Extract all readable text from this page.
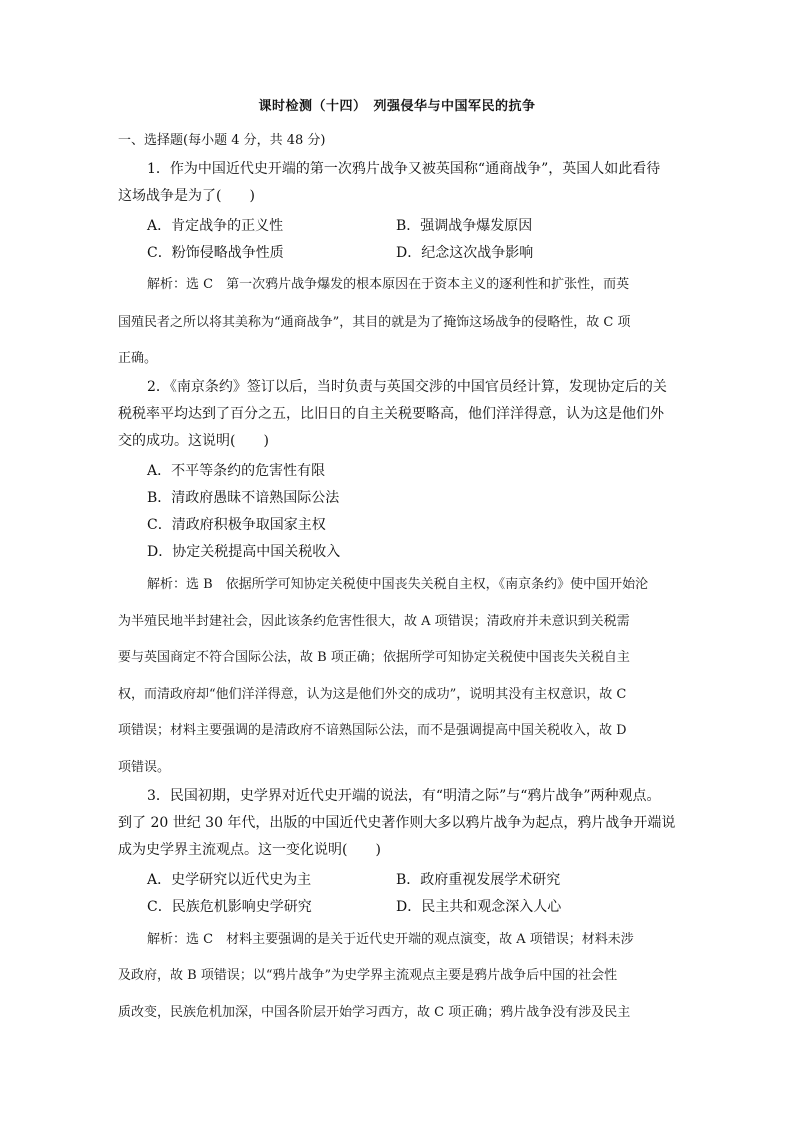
课时检测（十四）　列强侵华与中国军民的抗争
一、选择题(每小题 4 分，共 48 分)
1．作为中国近代史开端的第一次鸦片战争又被英国称“通商战争”，英国人如此看待
这场战争是为了(　　)
A．肯定战争的正义性	B．强调战争爆发原因
C．粉饰侵略战争性质	D．纪念这次战争影响
解析：选 C　第一次鸦片战争爆发的根本原因在于资本主义的逐利性和扩张性，而英
国殖民者之所以将其美称为“通商战争”，其目的就是为了掩饰这场战争的侵略性，故 C 项
正确。
2．《南京条约》签订以后，当时负责与英国交涉的中国官员经计算，发现协定后的关
税税率平均达到了百分之五，比旧日的自主关税要略高，他们洋洋得意，认为这是他们外
交的成功。这说明(　　)
A．不平等条约的危害性有限
B．清政府愚昧不谙熟国际公法
C．清政府积极争取国家主权
D．协定关税提高中国关税收入
解析：选 B　依据所学可知协定关税使中国丧失关税自主权，《南京条约》使中国开始沦
为半殖民地半封建社会，因此该条约危害性很大，故 A 项错误；清政府并未意识到关税需
要与英国商定不符合国际公法，故 B 项正确；依据所学可知协定关税使中国丧失关税自主
权，而清政府却“他们洋洋得意，认为这是他们外交的成功”，说明其没有主权意识，故 C
项错误；材料主要强调的是清政府不谙熟国际公法，而不是强调提高中国关税收入，故 D
项错误。
3．民国初期，史学界对近代史开端的说法，有“明清之际”与“鸦片战争”两种观点。
到了 20 世纪 30 年代，出版的中国近代史著作则大多以鸦片战争为起点，鸦片战争开端说
成为史学界主流观点。这一变化说明(　　)
A．史学研究以近代史为主	B．政府重视发展学术研究
C．民族危机影响史学研究	D．民主共和观念深入人心
解析：选 C　材料主要强调的是关于近代史开端的观点演变，故 A 项错误；材料未涉
及政府，故 B 项错误；以“鸦片战争”为史学界主流观点主要是鸦片战争后中国的社会性
质改变，民族危机加深，中国各阶层开始学习西方，故 C 项正确；鸦片战争没有涉及民主
